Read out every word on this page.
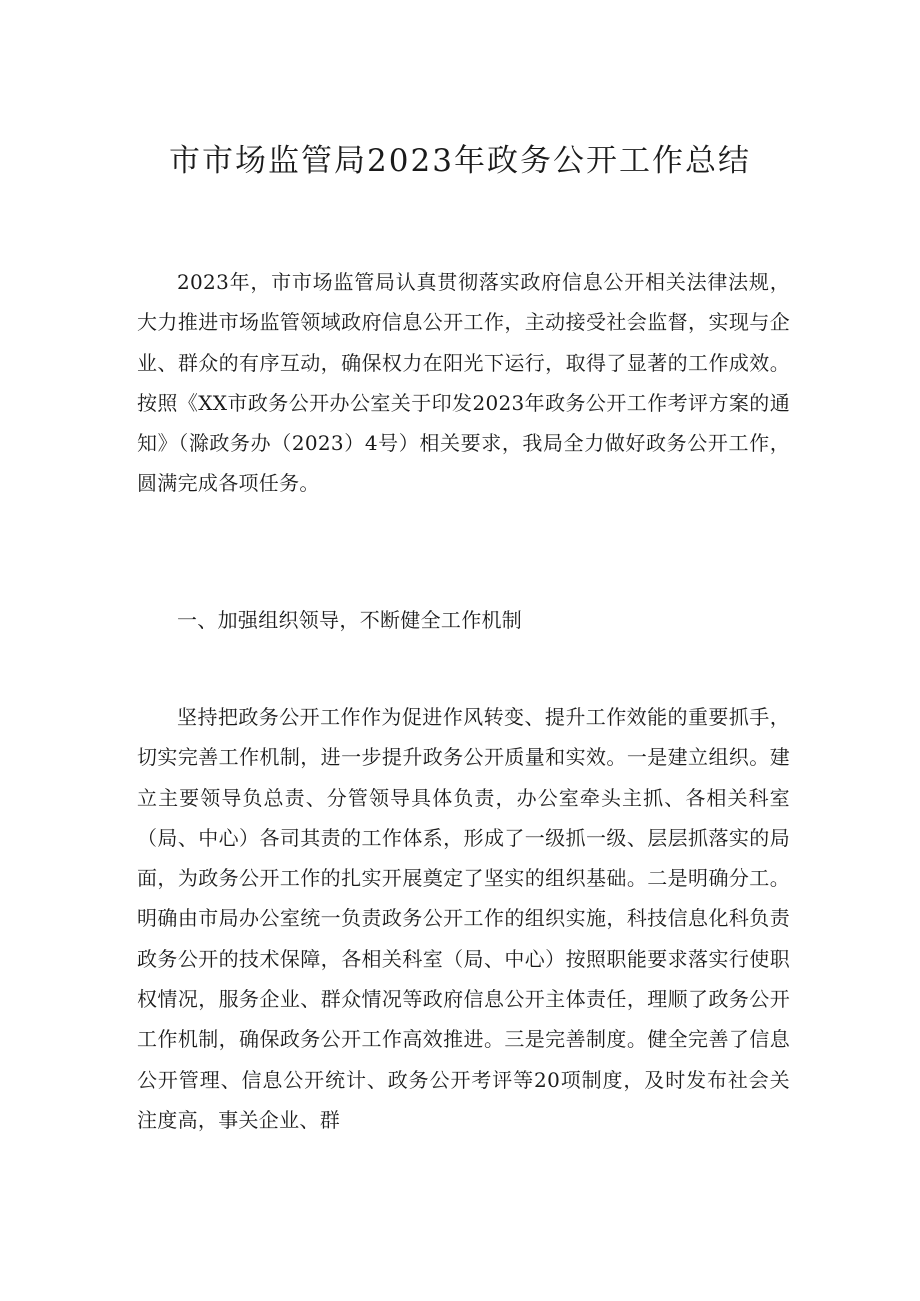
市市场监管局2023年政务公开工作总结

2023年，市市场监管局认真贯彻落实政府信息公开相关法律法规，大力推进市场监管领域政府信息公开工作，主动接受社会监督，实现与企业、群众的有序互动，确保权力在阳光下运行，取得了显著的工作成效。按照《XX市政务公开办公室关于印发2023年政务公开工作考评方案的通知》（滁政务办（2023）4号）相关要求，我局全力做好政务公开工作，圆满完成各项任务。

一、加强组织领导，不断健全工作机制

坚持把政务公开工作作为促进作风转变、提升工作效能的重要抓手，切实完善工作机制，进一步提升政务公开质量和实效。一是建立组织。建立主要领导负总责、分管领导具体负责，办公室牵头主抓、各相关科室（局、中心）各司其责的工作体系，形成了一级抓一级、层层抓落实的局面，为政务公开工作的扎实开展奠定了坚实的组织基础。二是明确分工。明确由市局办公室统一负责政务公开工作的组织实施，科技信息化科负责政务公开的技术保障，各相关科室（局、中心）按照职能要求落实行使职权情况，服务企业、群众情况等政府信息公开主体责任，理顺了政务公开工作机制，确保政务公开工作高效推进。三是完善制度。健全完善了信息公开管理、信息公开统计、政务公开考评等20项制度，及时发布社会关注度高，事关企业、群
